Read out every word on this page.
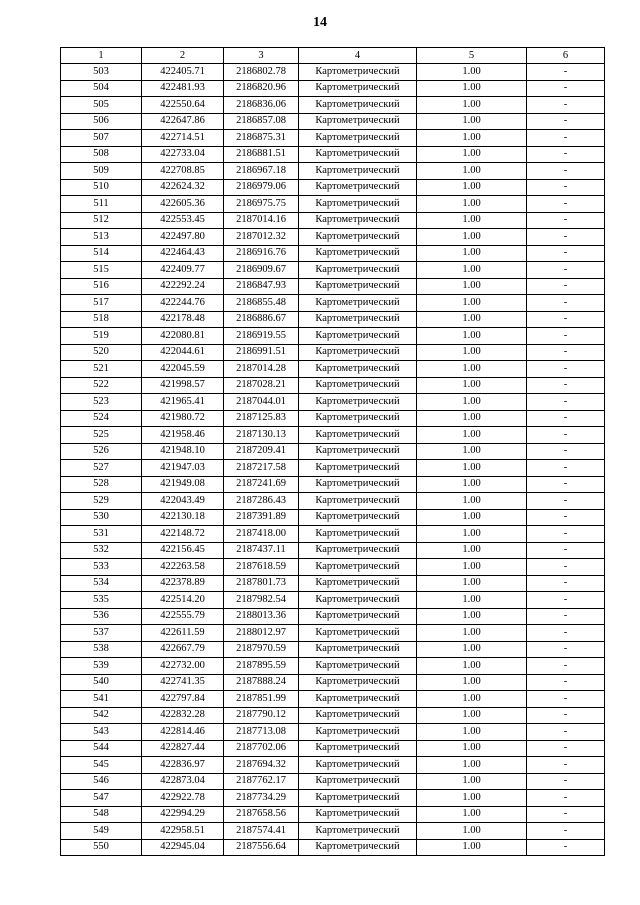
14
1	2	3	4	5	6
503	422405.71	2186802.78	Картометрический	1.00	-
504	422481.93	2186820.96	Картометрический	1.00	-
505	422550.64	2186836.06	Картометрический	1.00	-
506	422647.86	2186857.08	Картометрический	1.00	-
507	422714.51	2186875.31	Картометрический	1.00	-
508	422733.04	2186881.51	Картометрический	1.00	-
509	422708.85	2186967.18	Картометрический	1.00	-
510	422624.32	2186979.06	Картометрический	1.00	-
511	422605.36	2186975.75	Картометрический	1.00	-
512	422553.45	2187014.16	Картометрический	1.00	-
513	422497.80	2187012.32	Картометрический	1.00	-
514	422464.43	2186916.76	Картометрический	1.00	-
515	422409.77	2186909.67	Картометрический	1.00	-
516	422292.24	2186847.93	Картометрический	1.00	-
517	422244.76	2186855.48	Картометрический	1.00	-
518	422178.48	2186886.67	Картометрический	1.00	-
519	422080.81	2186919.55	Картометрический	1.00	-
520	422044.61	2186991.51	Картометрический	1.00	-
521	422045.59	2187014.28	Картометрический	1.00	-
522	421998.57	2187028.21	Картометрический	1.00	-
523	421965.41	2187044.01	Картометрический	1.00	-
524	421980.72	2187125.83	Картометрический	1.00	-
525	421958.46	2187130.13	Картометрический	1.00	-
526	421948.10	2187209.41	Картометрический	1.00	-
527	421947.03	2187217.58	Картометрический	1.00	-
528	421949.08	2187241.69	Картометрический	1.00	-
529	422043.49	2187286.43	Картометрический	1.00	-
530	422130.18	2187391.89	Картометрический	1.00	-
531	422148.72	2187418.00	Картометрический	1.00	-
532	422156.45	2187437.11	Картометрический	1.00	-
533	422263.58	2187618.59	Картометрический	1.00	-
534	422378.89	2187801.73	Картометрический	1.00	-
535	422514.20	2187982.54	Картометрический	1.00	-
536	422555.79	2188013.36	Картометрический	1.00	-
537	422611.59	2188012.97	Картометрический	1.00	-
538	422667.79	2187970.59	Картометрический	1.00	-
539	422732.00	2187895.59	Картометрический	1.00	-
540	422741.35	2187888.24	Картометрический	1.00	-
541	422797.84	2187851.99	Картометрический	1.00	-
542	422832.28	2187790.12	Картометрический	1.00	-
543	422814.46	2187713.08	Картометрический	1.00	-
544	422827.44	2187702.06	Картометрический	1.00	-
545	422836.97	2187694.32	Картометрический	1.00	-
546	422873.04	2187762.17	Картометрический	1.00	-
547	422922.78	2187734.29	Картометрический	1.00	-
548	422994.29	2187658.56	Картометрический	1.00	-
549	422958.51	2187574.41	Картометрический	1.00	-
550	422945.04	2187556.64	Картометрический	1.00	-
